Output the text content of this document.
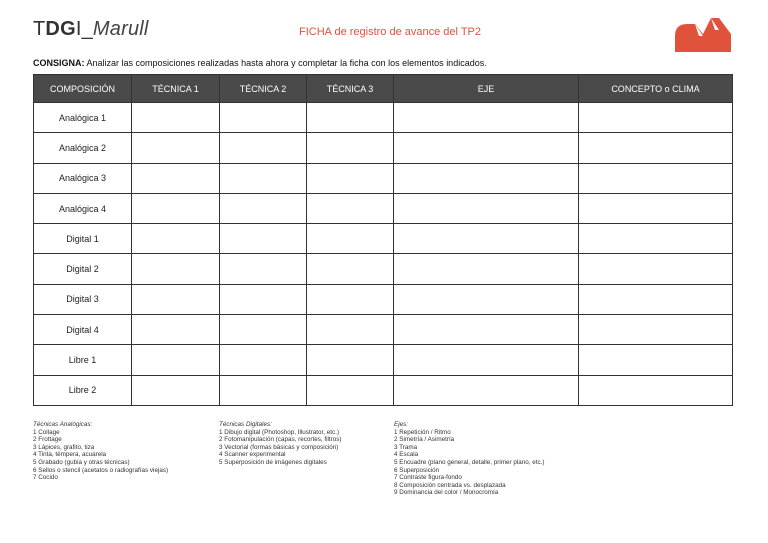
TDGI_Marull	FICHA de registro de avance del TP2
CONSIGNA: Analizar las composiciones realizadas hasta ahora y completar la ficha con los elementos indicados.
COMPOSICIÓN	TÉCNICA 1	TÉCNICA 2	TÉCNICA 3	EJE	CONCEPTO o CLIMA
Analógica 1					
Analógica 2					
Analógica 3					
Analógica 4					
Digital 1					
Digital 2					
Digital 3					
Digital 4					
Libre 1					
Libre 2					
Técnicas Analógicas:
1 Collage
2 Frottage
3 Lápices, grafito, tiza
4 Tinta, témpera, acuarela
5 Grabado (gubia y otras técnicas)
6 Sellos o stencil (acetatos o radiografías viejas)
7 Cocido
Técnicas Digitales:
1 Dibujo digital (Photoshop, Illustrator, etc.)
2 Fotomanipulación (capas, recortes, filtros)
3 Vectorial (formas básicas y composición)
4 Scanner experimental
5 Superposición de imágenes digitales
Ejes:
1 Repetición / Ritmo
2 Simetría / Asimetría
3 Trama
4 Escala
5 Encuadre (plano general, detalle, primer plano, etc.)
6 Superposición
7 Contraste figura-fondo
8 Composición centrada vs. desplazada
9 Dominancia del color / Monocromía
